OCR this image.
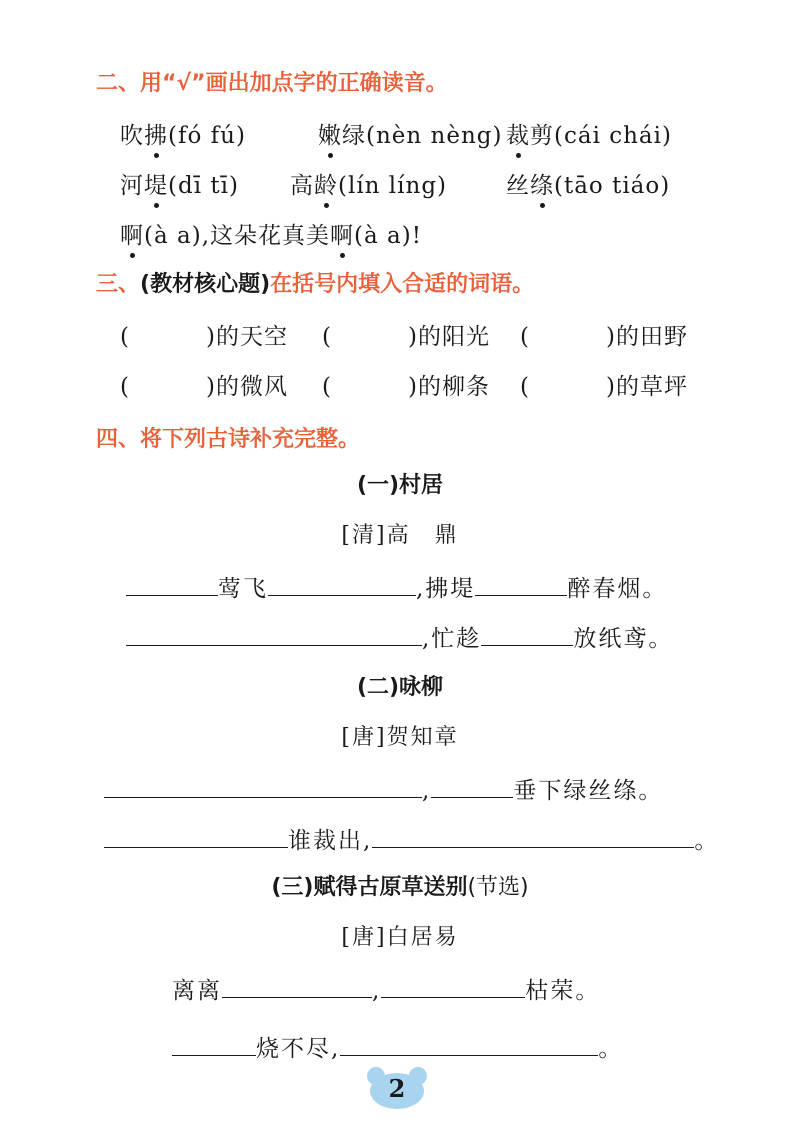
二、用“√”画出加点字的正确读音。
吹拂(fó fú)	嫩绿(nèn nèng) 裁剪(cái chái)
河堤(dī tī) 高龄(lín líng)	丝绦(tāo tiáo)
啊(à a),这朵花真美啊(à a)!
三、(教材核心题)在括号内填入合适的词语。
(	)的天空 (	)的阳光 (	)的田野
(	)的微风 (	)的柳条 (	)的草坪
四、将下列古诗补充完整。
(一)村居
[清]高　鼎
莺飞	,拂堤	醉春烟。
,忙趁	放纸鸢。
(二)咏柳
[唐]贺知章
,	垂下绿丝绦。
谁裁出,	。
(三)赋得古原草送别(节选)
[唐]白居易
离离	,	枯荣。
烧不尽,	。
2
